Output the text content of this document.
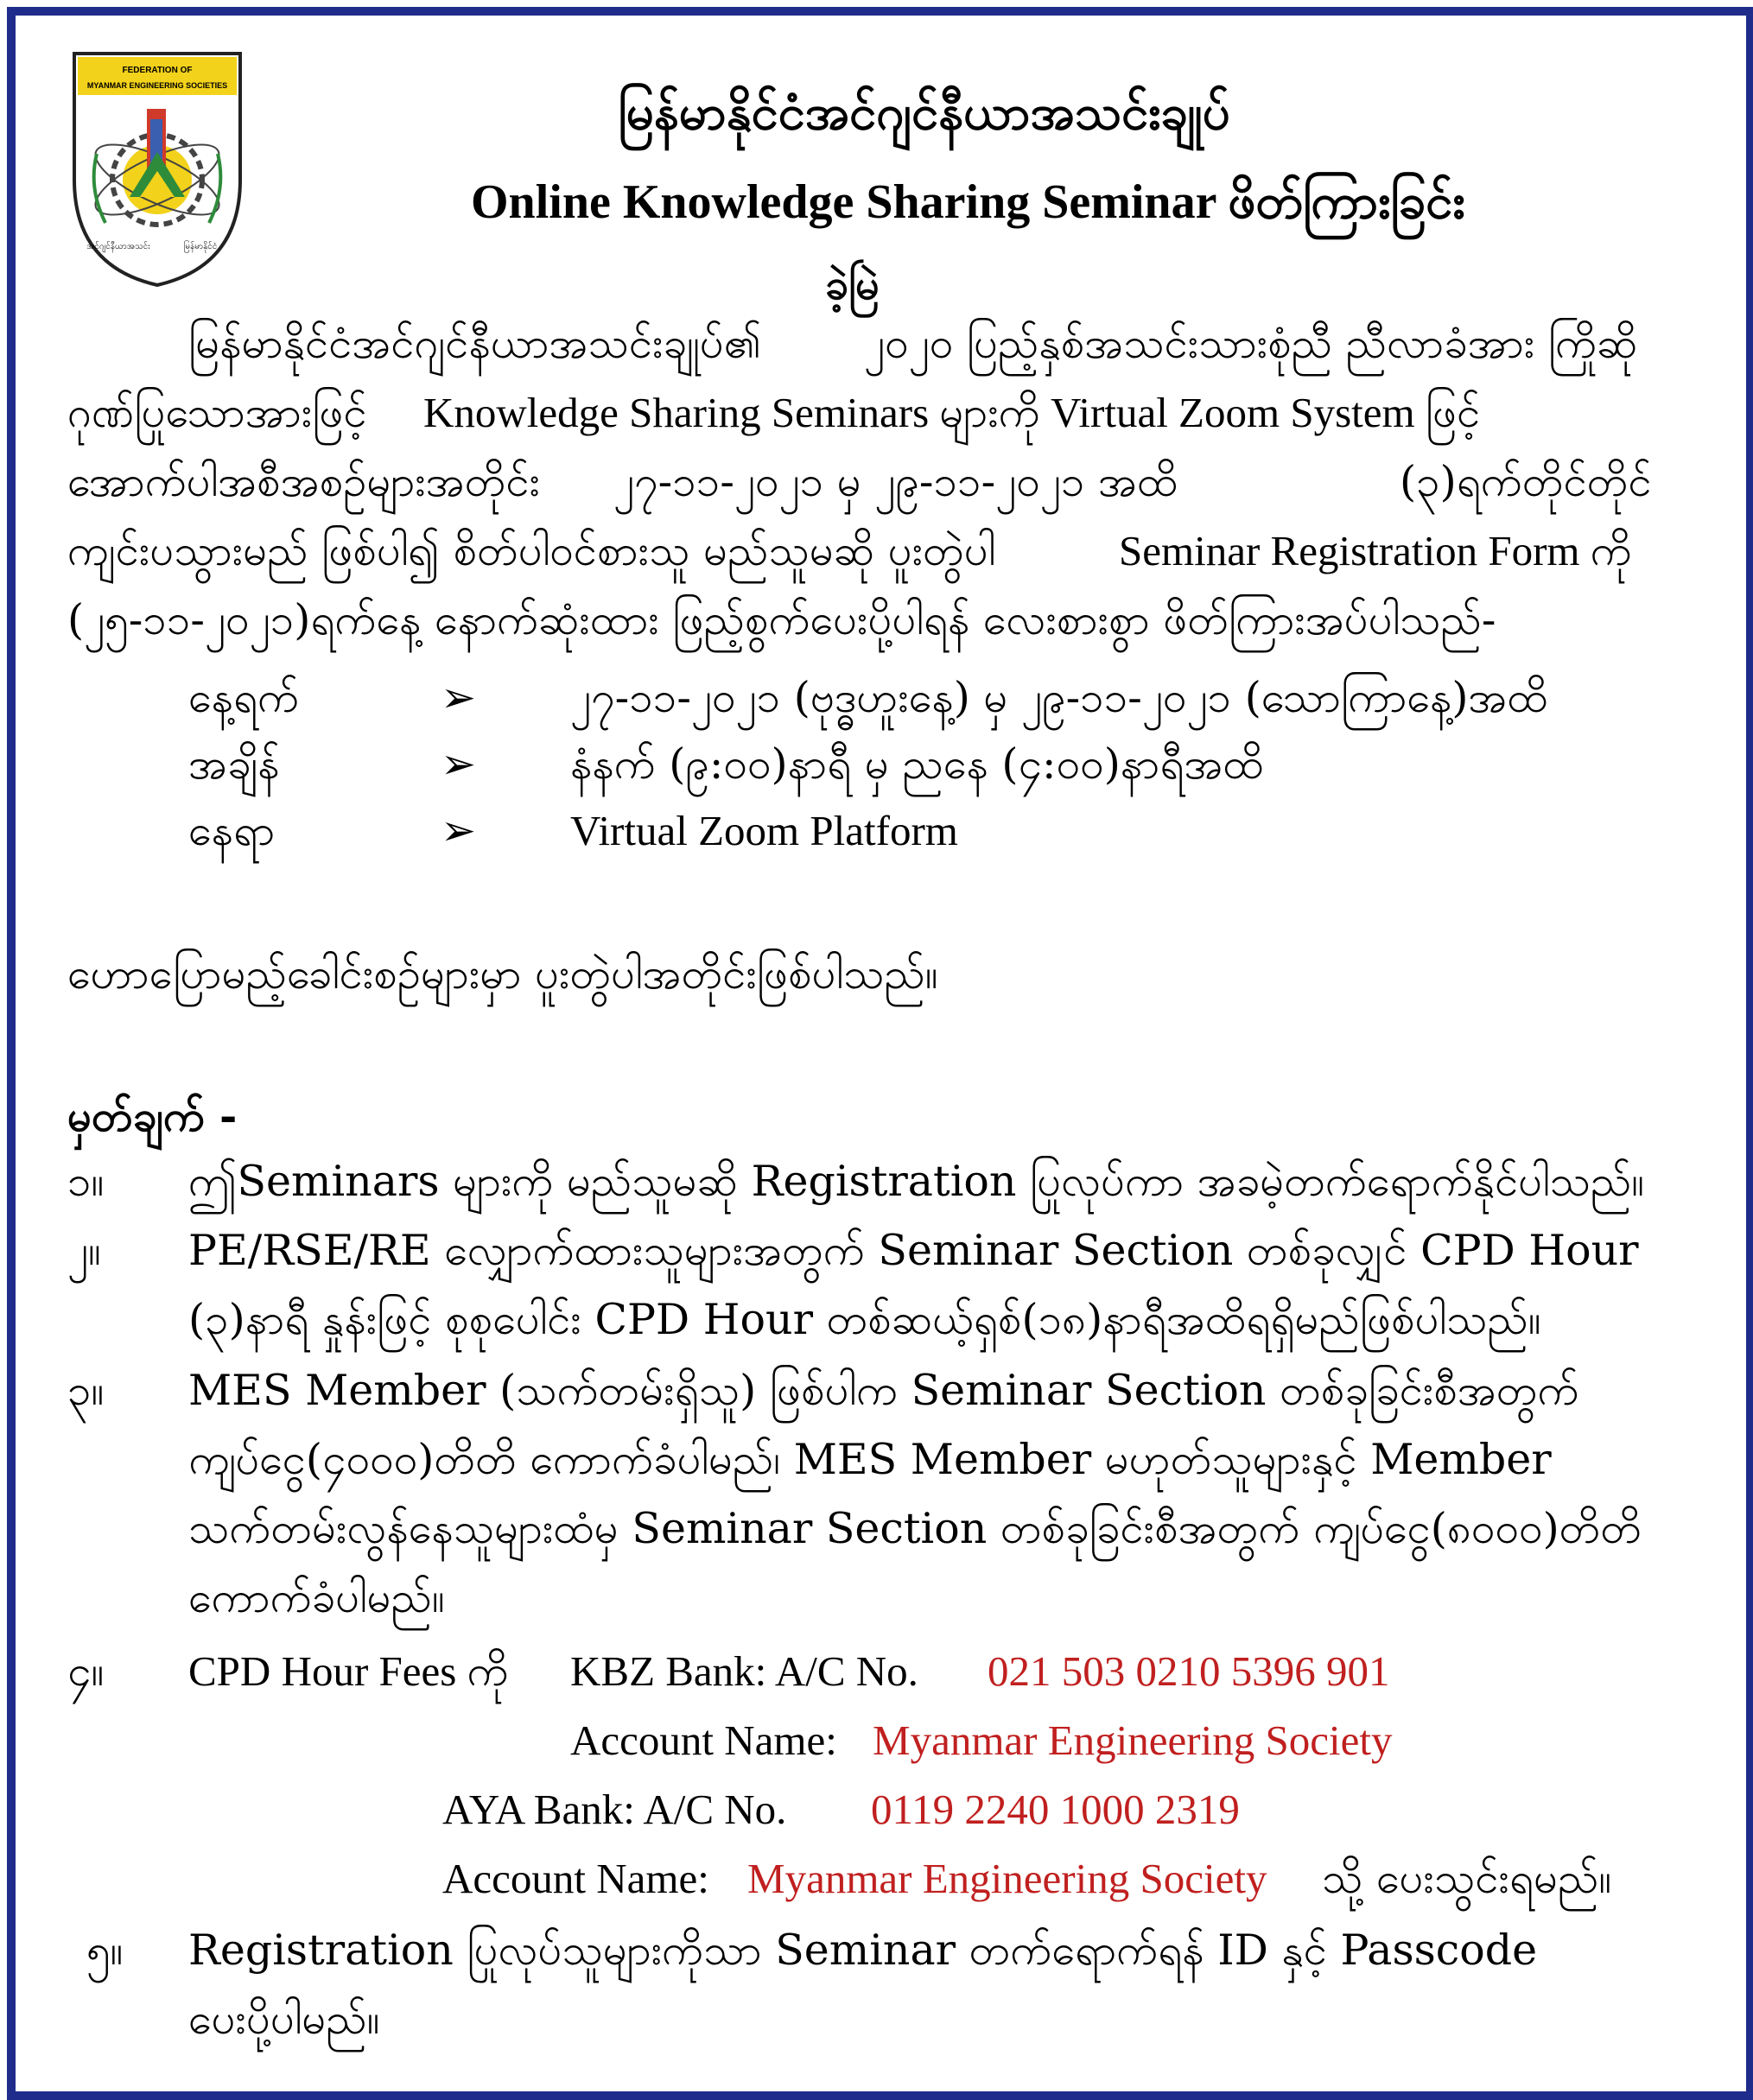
FEDERATION OF
MYANMAR ENGINEERING SOCIETIES
အင်ဂျင်နီယာအသင်း	မြန်မာနိုင်ငံ
မြန်မာနိုင်ငံအင်ဂျင်နီယာအသင်းချုပ်
Online Knowledge Sharing Seminar ဖိတ်ကြားခြင်း
ခဲ့မြဲ
မြန်မာနိုင်ငံအင်ဂျင်နီယာအသင်းချုပ်၏ ၂၀၂၀ ပြည့်နှစ်အသင်းသားစုံညီ ညီလာခံအား ကြိုဆို
ဂုဏ်ပြုသောအားဖြင့် Knowledge Sharing Seminars များကို Virtual Zoom System ဖြင့်
အောက်ပါအစီအစဉ်များအတိုင်း ၂၇-၁၁-၂၀၂၁ မှ ၂၉-၁၁-၂၀၂၁ အထိ	(၃)ရက်တိုင်တိုင်
ကျင်းပသွားမည် ဖြစ်ပါ၍ စိတ်ပါဝင်စားသူ မည်သူမဆို ပူးတွဲပါ	Seminar Registration Form ကို
(၂၅-၁၁-၂၀၂၁)ရက်နေ့ နောက်ဆုံးထား ဖြည့်စွက်ပေးပို့ပါရန် လေးစားစွာ ဖိတ်ကြားအပ်ပါသည်-
နေ့ရက်	➢ ၂၇-၁၁-၂၀၂၁ (ဗုဒ္ဓဟူးနေ့) မှ ၂၉-၁၁-၂၀၂၁ (သောကြာနေ့)အထိ
အချိန်	➢ နံနက် (၉:၀၀)နာရီ မှ ညနေ (၄:၀၀)နာရီအထိ
နေရာ	➢ Virtual Zoom Platform
ဟောပြောမည့်ခေါင်းစဉ်များမှာ ပူးတွဲပါအတိုင်းဖြစ်ပါသည်။
မှတ်ချက် -
၁။ ဤSeminars များကို မည်သူမဆို Registration ပြုလုပ်ကာ အခမဲ့တက်ရောက်နိုင်ပါသည်။
၂။ PE/RSE/RE လျှောက်ထားသူများအတွက် Seminar Section တစ်ခုလျှင် CPD Hour
(၃)နာရီ နှုန်းဖြင့် စုစုပေါင်း CPD Hour တစ်ဆယ့်ရှစ်(၁၈)နာရီအထိရရှိမည်ဖြစ်ပါသည်။
၃။ MES Member (သက်တမ်းရှိသူ) ဖြစ်ပါက Seminar Section တစ်ခုခြင်းစီအတွက်
ကျပ်ငွေ(၄၀၀၀)တိတိ ကောက်ခံပါမည်၊ MES Member မဟုတ်သူများနှင့် Member
သက်တမ်းလွန်နေသူများထံမှ Seminar Section တစ်ခုခြင်းစီအတွက် ကျပ်ငွေ(၈၀၀၀)တိတိ
ကောက်ခံပါမည်။
၄။ CPD Hour Fees ကို KBZ Bank: A/C No. 021 503 0210 5396 901
Account Name: Myanmar Engineering Society
AYA Bank: A/C No. 0119 2240 1000 2319
Account Name: Myanmar Engineering Society သို့ ပေးသွင်းရမည်။
၅။ Registration ပြုလုပ်သူများကိုသာ Seminar တက်ရောက်ရန် ID နှင့် Passcode
ပေးပို့ပါမည်။
